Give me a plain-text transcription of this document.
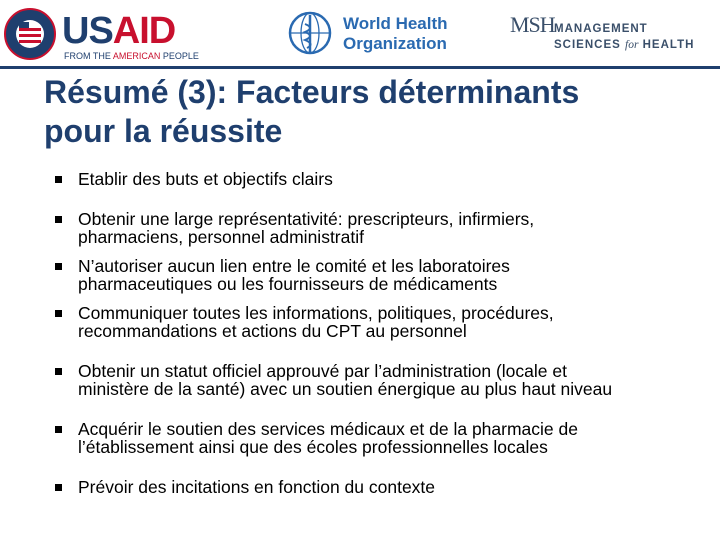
USAID
FROM THE AMERICAN PEOPLE
World Health
Organization
MSH MANAGEMENT
SCIENCES for HEALTH
Résumé (3): Facteurs déterminants
pour la réussite
Etablir des buts et objectifs clairs
Obtenir une large représentativité: prescripteurs, infirmiers,
pharmaciens, personnel administratif
N’autoriser aucun lien entre le comité et les laboratoires
pharmaceutiques ou les fournisseurs de médicaments
Communiquer toutes les informations, politiques, procédures,
recommandations et actions du CPT au personnel
Obtenir un statut officiel approuvé par l’administration (locale et
ministère de la santé) avec un soutien énergique au plus haut niveau
Acquérir le soutien des services médicaux et de la pharmacie de
l’établissement ainsi que des écoles professionnelles locales
Prévoir des incitations en fonction du contexte
